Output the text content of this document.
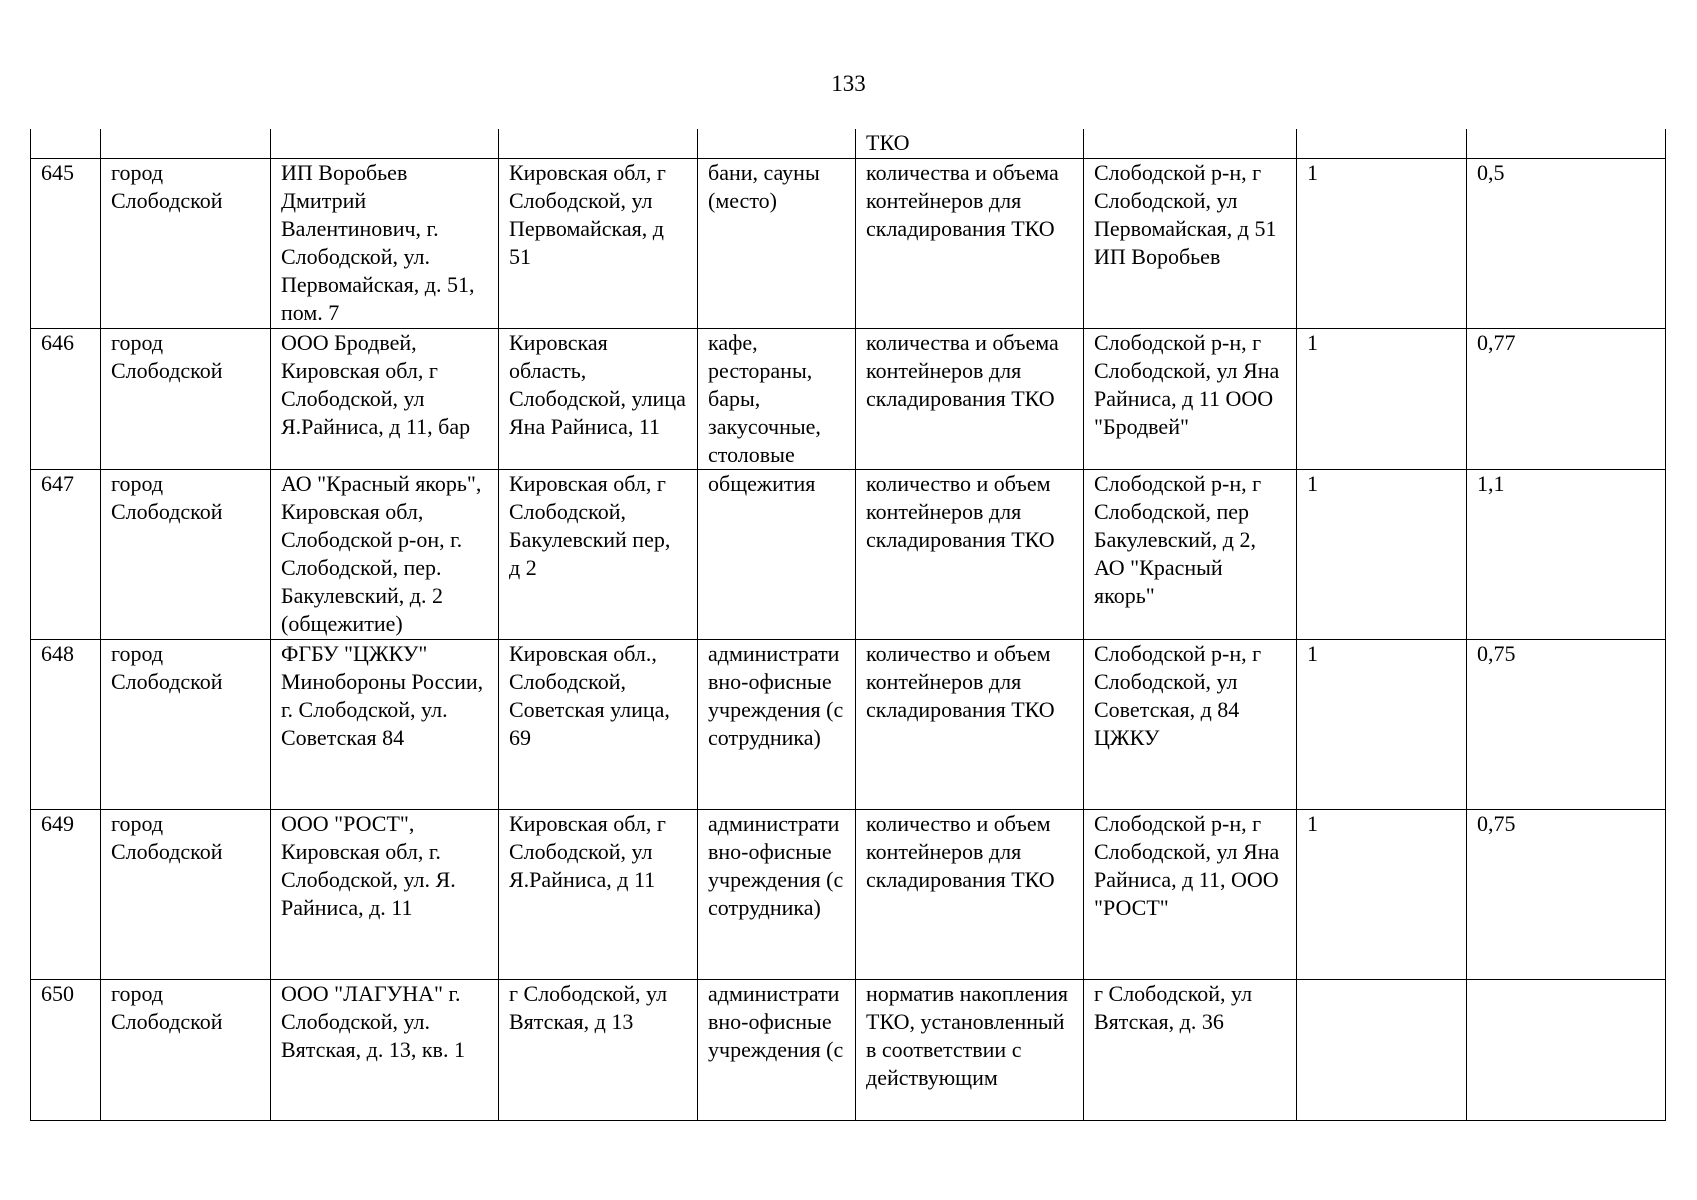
133
					ТКО			
645	город Слободской	ИП Воробьев Дмитрий Валентинович, г. Слободской, ул. Первомайская, д. 51, пом. 7	Кировская обл, г Слободской, ул Первомайская, д 51	бани, сауны (место)	количества и объема контейнеров для складирования ТКО	Слободской р-н, г Слободской, ул Первомайская, д 51 ИП Воробьев	1	0,5
646	город Слободской	ООО Бродвей, Кировская обл, г Слободской, ул Я.Райниса, д 11, бар	Кировская область, Слободской, улица Яна Райниса, 11	кафе, рестораны, бары, закусочные, столовые	количества и объема контейнеров для складирования ТКО	Слободской р-н, г Слободской, ул Яна Райниса, д 11 ООО "Бродвей"	1	0,77
647	город Слободской	АО "Красный якорь", Кировская обл, Слободской р-он, г. Слободской, пер. Бакулевский, д. 2 (общежитие)	Кировская обл, г Слободской, Бакулевский пер, д 2	общежития	количество и объем контейнеров для складирования ТКО	Слободской р-н, г Слободской, пер Бакулевский, д 2, АО "Красный якорь"	1	1,1
648	город Слободской	ФГБУ "ЦЖКУ" Минобороны России, г. Слободской, ул. Советская 84	Кировская обл., Слободской, Советская улица, 69	административно-офисные учреждения (с сотрудника)	количество и объем контейнеров для складирования ТКО	Слободской р-н, г Слободской, ул Советская, д 84 ЦЖКУ	1	0,75
649	город Слободской	ООО "РОСТ", Кировская обл, г. Слободской, ул. Я. Райниса, д. 11	Кировская обл, г Слободской, ул Я.Райниса, д 11	административно-офисные учреждения (с сотрудника)	количество и объем контейнеров для складирования ТКО	Слободской р-н, г Слободской, ул Яна Райниса, д 11, ООО "РОСТ"	1	0,75
650	город Слободской	ООО "ЛАГУНА" г. Слободской, ул. Вятская, д. 13, кв. 1	г Слободской, ул Вятская, д 13	административно-офисные учреждения (с	норматив накопления ТКО, установленный в соответствии с действующим	г Слободской, ул Вятская, д. 36		
